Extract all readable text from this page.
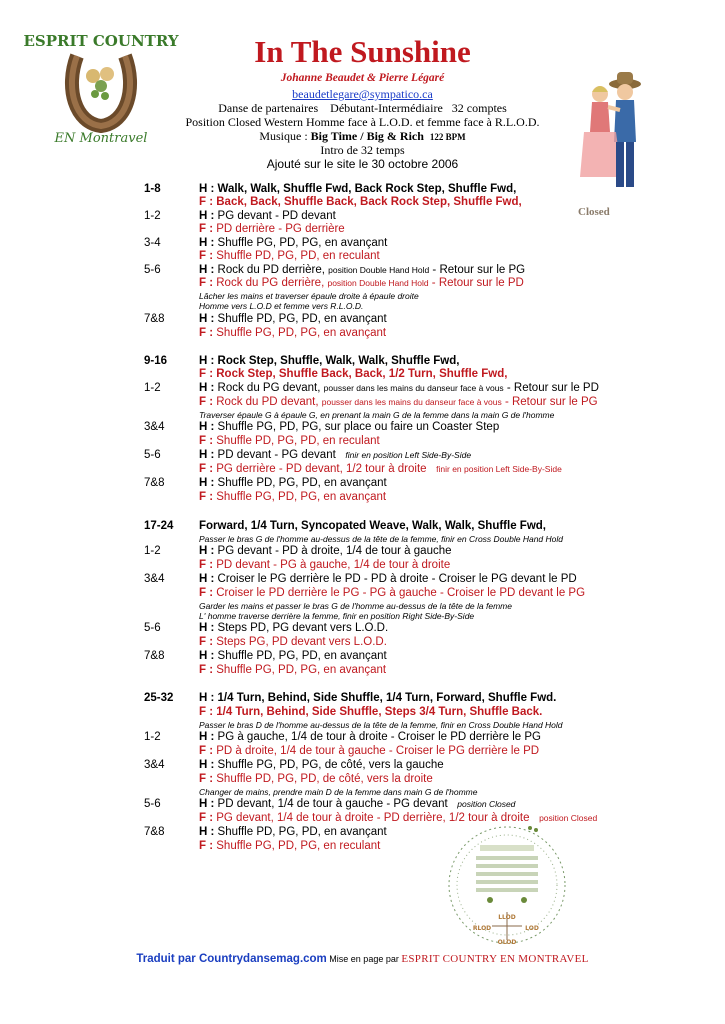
ESPRIT COUNTRY
EN Montravel
In The Sunshine
Johanne Beaudet & Pierre Légaré
beaudetlegare@sympatico.ca
Danse de partenaires    Débutant-Intermédiaire   32 comptes
Position Closed Western Homme face à L.O.D. et femme face à R.L.O.D.
Musique : Big Time / Big & Rich 122 BPM
Intro de 32 temps
Ajouté sur le site le 30 octobre 2006
Closed
1-8	H : Walk, Walk, Shuffle Fwd, Back Rock Step, Shuffle Fwd,
F : Back, Back, Shuffle Back, Back Rock Step, Shuffle Fwd,
1-2	H : PG devant - PD devant
F : PD derrière - PG derrière
3-4	H : Shuffle PG, PD, PG, en avançant
F : Shuffle PD, PG, PD, en reculant
5-6	H : Rock du PD derrière, position Double Hand Hold - Retour sur le PG
F : Rock du PG derrière, position Double Hand Hold - Retour sur le PD
Lâcher les mains et traverser épaule droite à épaule droite
Homme vers L.O.D et femme vers R.L.O.D.
7&8	H : Shuffle PD, PG, PD, en avançant
F : Shuffle PG, PD, PG, en avançant
9-16	H : Rock Step, Shuffle, Walk, Walk, Shuffle Fwd,
F : Rock Step, Shuffle Back, Back, 1/2 Turn, Shuffle Fwd,
1-2	H : Rock du PG devant, pousser dans les mains du danseur face à vous - Retour sur le PD
F : Rock du PD devant, pousser dans les mains du danseur face à vous - Retour sur le PG
Traverser épaule G à épaule G, en prenant la main G de la femme dans la main G de l'homme
3&4	H : Shuffle PG, PD, PG, sur place ou faire un Coaster Step
F : Shuffle PD, PG, PD, en reculant
5-6	H : PD devant - PG devant finir en position Left Side-By-Side
F : PG derrière - PD devant, 1/2 tour à droite finir en position Left Side-By-Side
7&8	H : Shuffle PD, PG, PD, en avançant
F : Shuffle PG, PD, PG, en avançant
17-24 Forward, 1/4 Turn, Syncopated Weave, Walk, Walk, Shuffle Fwd,
Passer le bras G de l'homme au-dessus de la tête de la femme, finir en Cross Double Hand Hold
1-2	H : PG devant - PD à droite, 1/4 de tour à gauche
F : PD devant - PG à gauche, 1/4 de tour à droite
3&4	H : Croiser le PG derrière le PD - PD à droite - Croiser le PG devant le PD
F : Croiser le PD derrière le PG - PG à gauche - Croiser le PD devant le PG
Garder les mains et passer le bras G de l'homme au-dessus de la tête de la femme
L' homme traverse derrière la femme, finir en position Right Side-By-Side
5-6	H : Steps PD, PG devant vers L.O.D.
F : Steps PG, PD devant vers L.O.D.
7&8	H : Shuffle PD, PG, PD, en avançant
F : Shuffle PG, PD, PG, en avançant
25-32 H : 1/4 Turn, Behind, Side Shuffle, 1/4 Turn, Forward, Shuffle Fwd.
F : 1/4 Turn, Behind, Side Shuffle, Steps 3/4 Turn, Shuffle Back.
Passer le bras D de l'homme au-dessus de la tête de la femme, finir en Cross Double Hand Hold
1-2	H : PG à gauche, 1/4 de tour à droite - Croiser le PD derrière le PG
F : PD à droite, 1/4 de tour à gauche - Croiser le PG derrière le PD
3&4	H : Shuffle PG, PD, PG, de côté, vers la gauche
F : Shuffle PD, PG, PD, de côté, vers la droite
Changer de mains, prendre main D de la femme dans main G de l'homme
5-6	H : PD devant, 1/4 de tour à gauche - PG devant position Closed
F : PG devant, 1/4 de tour à droite - PD derrière, 1/2 tour à droite position Closed
7&8	H : Shuffle PD, PG, PD, en avançant
F : Shuffle PG, PD, PG, en reculant
LLOD
RLOD	LOD
OLOD
Traduit par Countrydansemag.com Mise en page par ESPRIT COUNTRY EN MONTRAVEL
